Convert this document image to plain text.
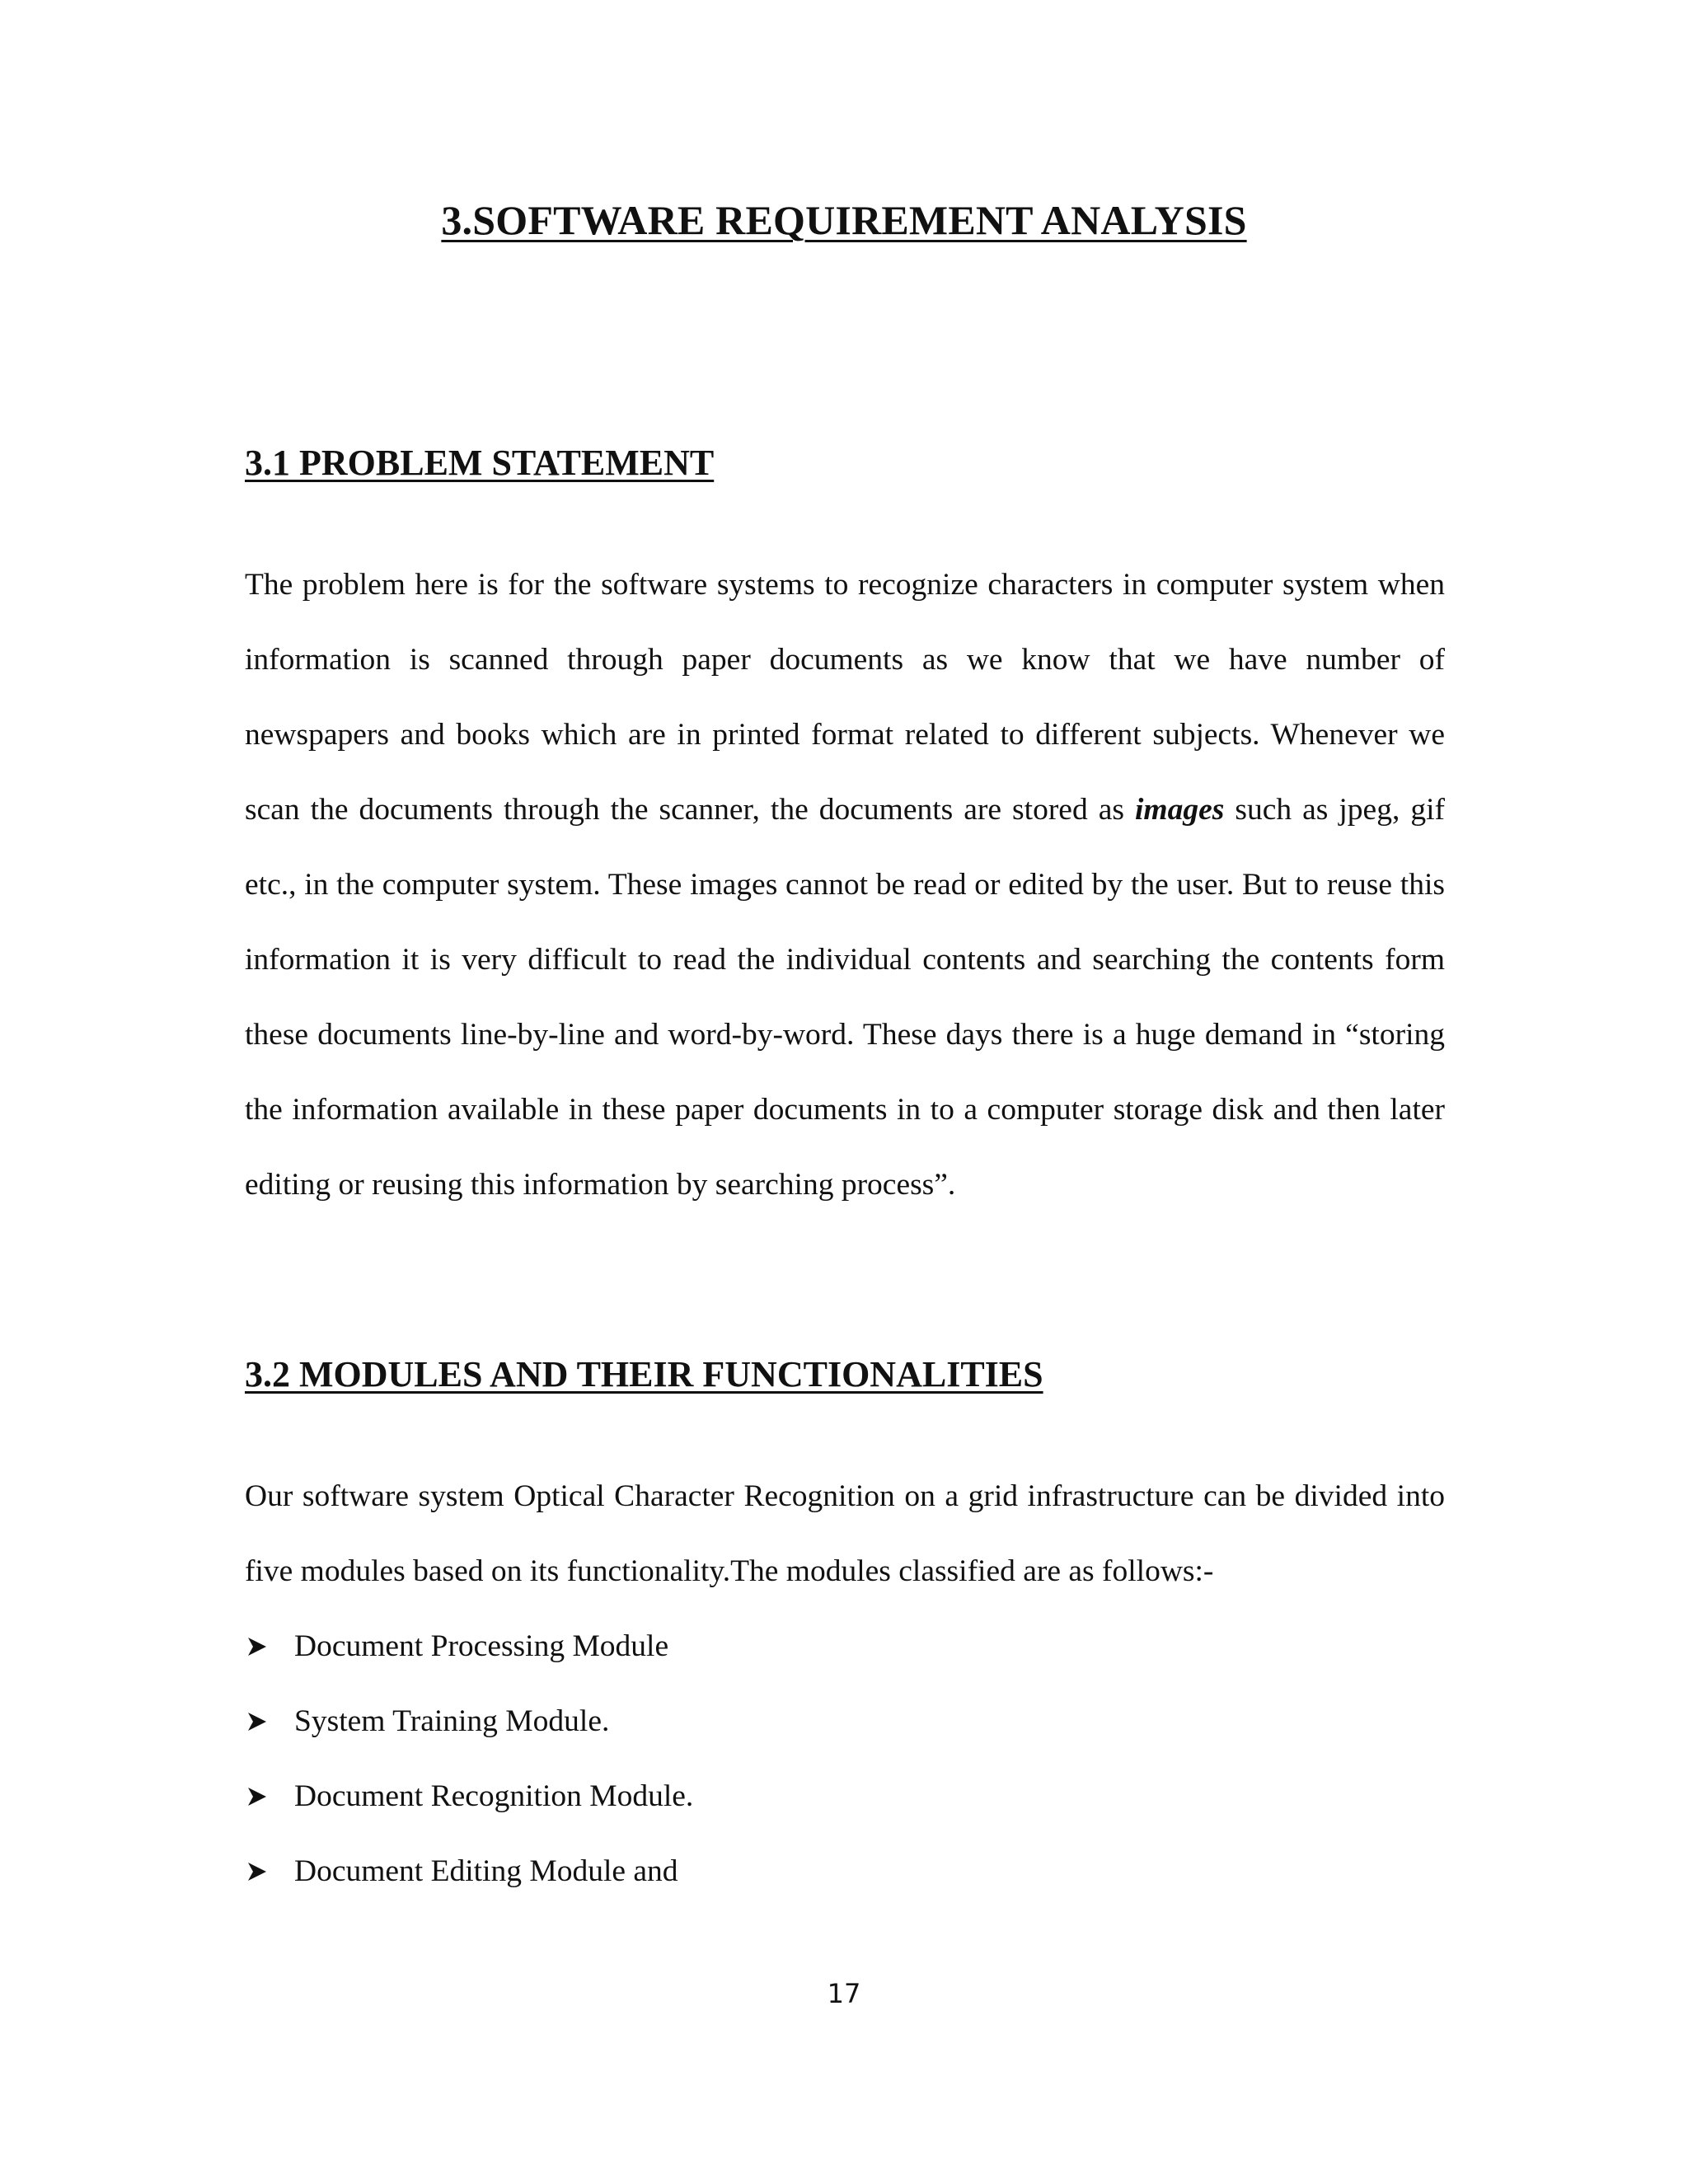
3.SOFTWARE REQUIREMENT ANALYSIS
3.1 PROBLEM STATEMENT

The problem here is for the software systems to recognize characters in computer system when information is scanned through paper documents as we know that we have number of newspapers and books which are in printed format related to different subjects. Whenever we scan the documents through the scanner, the documents are stored as images such as jpeg, gif etc., in the computer system. These images cannot be read or edited by the user. But to reuse this information it is very difficult to read the individual contents and searching the contents form these documents line-by-line and word-by-word. These days there is a huge demand in “storing the information available in these paper documents in to a computer storage disk and then later editing or reusing this information by searching process”.

3.2 MODULES AND THEIR FUNCTIONALITIES

Our software system Optical Character Recognition on a grid infrastructure can be divided into five modules based on its functionality.The modules classified are as follows:-

Document Processing Module
System Training Module.
Document Recognition Module.
Document Editing Module and
17
